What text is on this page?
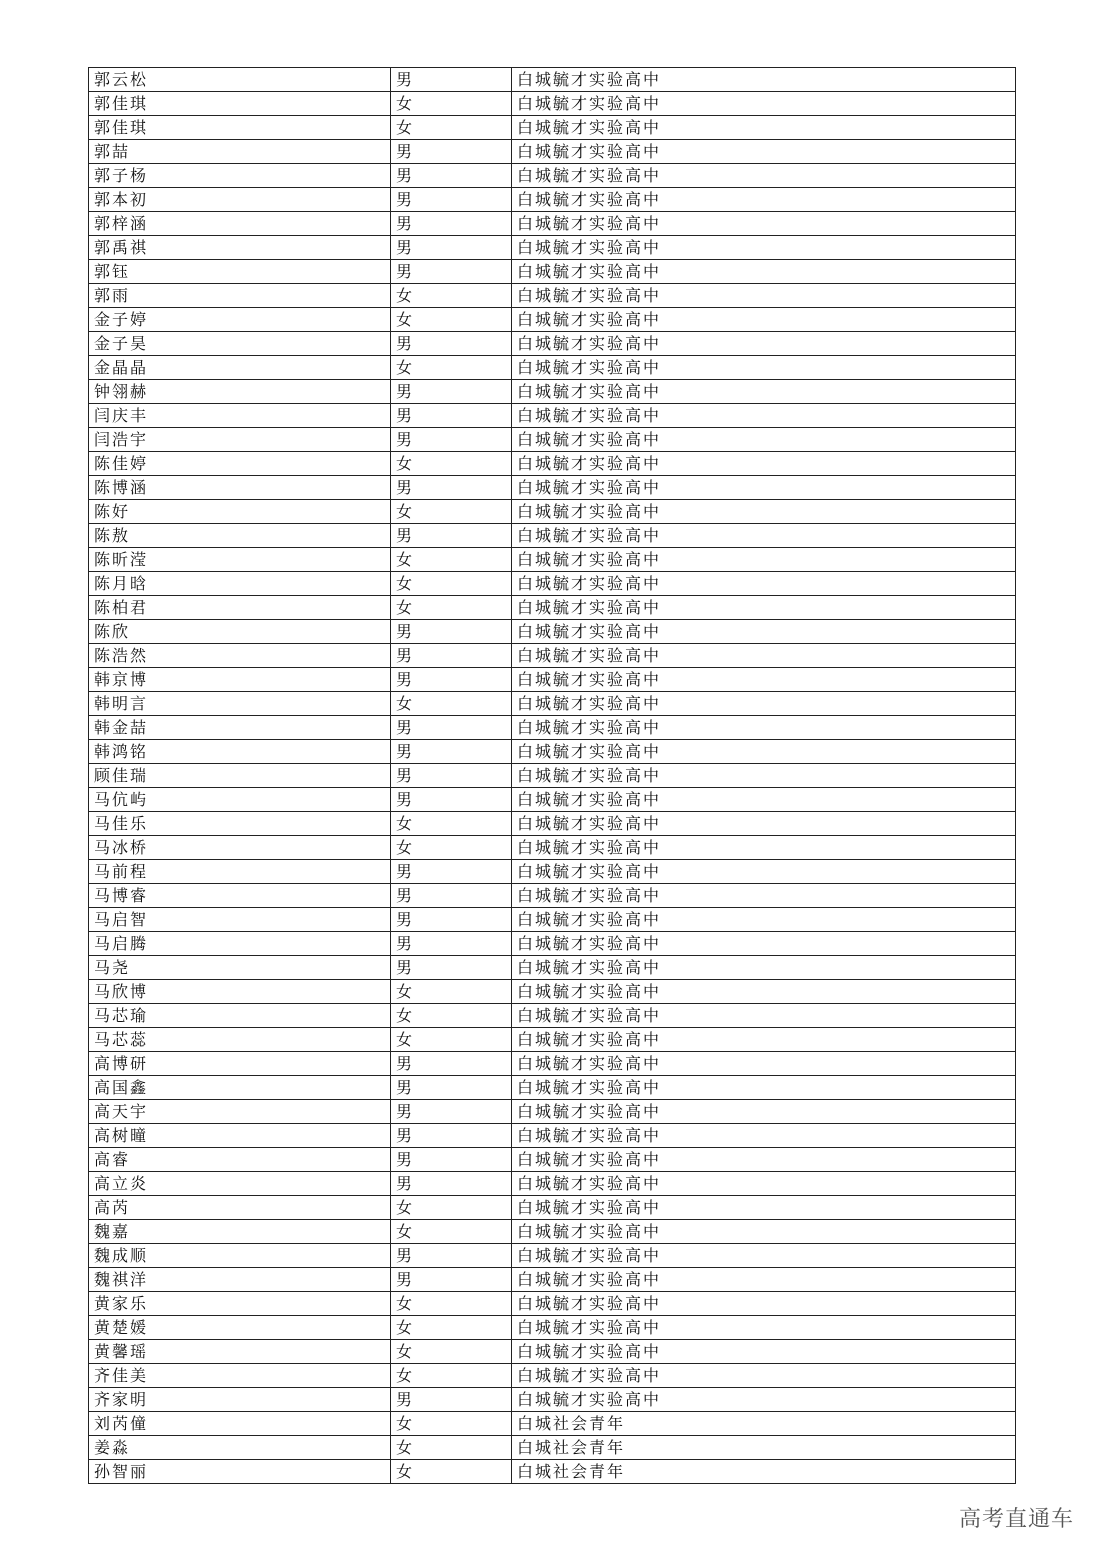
郭云松	男	白城毓才实验高中
郭佳琪	女	白城毓才实验高中
郭佳琪	女	白城毓才实验高中
郭喆	男	白城毓才实验高中
郭子杨	男	白城毓才实验高中
郭本初	男	白城毓才实验高中
郭梓涵	男	白城毓才实验高中
郭禹祺	男	白城毓才实验高中
郭钰	男	白城毓才实验高中
郭雨	女	白城毓才实验高中
金子婷	女	白城毓才实验高中
金子昊	男	白城毓才实验高中
金晶晶	女	白城毓才实验高中
钟翎赫	男	白城毓才实验高中
闫庆丰	男	白城毓才实验高中
闫浩宇	男	白城毓才实验高中
陈佳婷	女	白城毓才实验高中
陈博涵	男	白城毓才实验高中
陈好	女	白城毓才实验高中
陈敖	男	白城毓才实验高中
陈昕滢	女	白城毓才实验高中
陈月晗	女	白城毓才实验高中
陈柏君	女	白城毓才实验高中
陈欣	男	白城毓才实验高中
陈浩然	男	白城毓才实验高中
韩京博	男	白城毓才实验高中
韩明言	女	白城毓才实验高中
韩金喆	男	白城毓才实验高中
韩鸿铭	男	白城毓才实验高中
顾佳瑞	男	白城毓才实验高中
马伉屿	男	白城毓才实验高中
马佳乐	女	白城毓才实验高中
马冰桥	女	白城毓才实验高中
马前程	男	白城毓才实验高中
马博睿	男	白城毓才实验高中
马启智	男	白城毓才实验高中
马启腾	男	白城毓才实验高中
马尧	男	白城毓才实验高中
马欣博	女	白城毓才实验高中
马芯瑜	女	白城毓才实验高中
马芯蕊	女	白城毓才实验高中
高博研	男	白城毓才实验高中
高国鑫	男	白城毓才实验高中
高天宇	男	白城毓才实验高中
高树曈	男	白城毓才实验高中
高睿	男	白城毓才实验高中
高立炎	男	白城毓才实验高中
高芮	女	白城毓才实验高中
魏嘉	女	白城毓才实验高中
魏成顺	男	白城毓才实验高中
魏祺洋	男	白城毓才实验高中
黄家乐	女	白城毓才实验高中
黄楚媛	女	白城毓才实验高中
黄馨瑶	女	白城毓才实验高中
齐佳美	女	白城毓才实验高中
齐家明	男	白城毓才实验高中
刘芮僮	女	白城社会青年
姜淼	女	白城社会青年
孙智丽	女	白城社会青年
高考直通车
